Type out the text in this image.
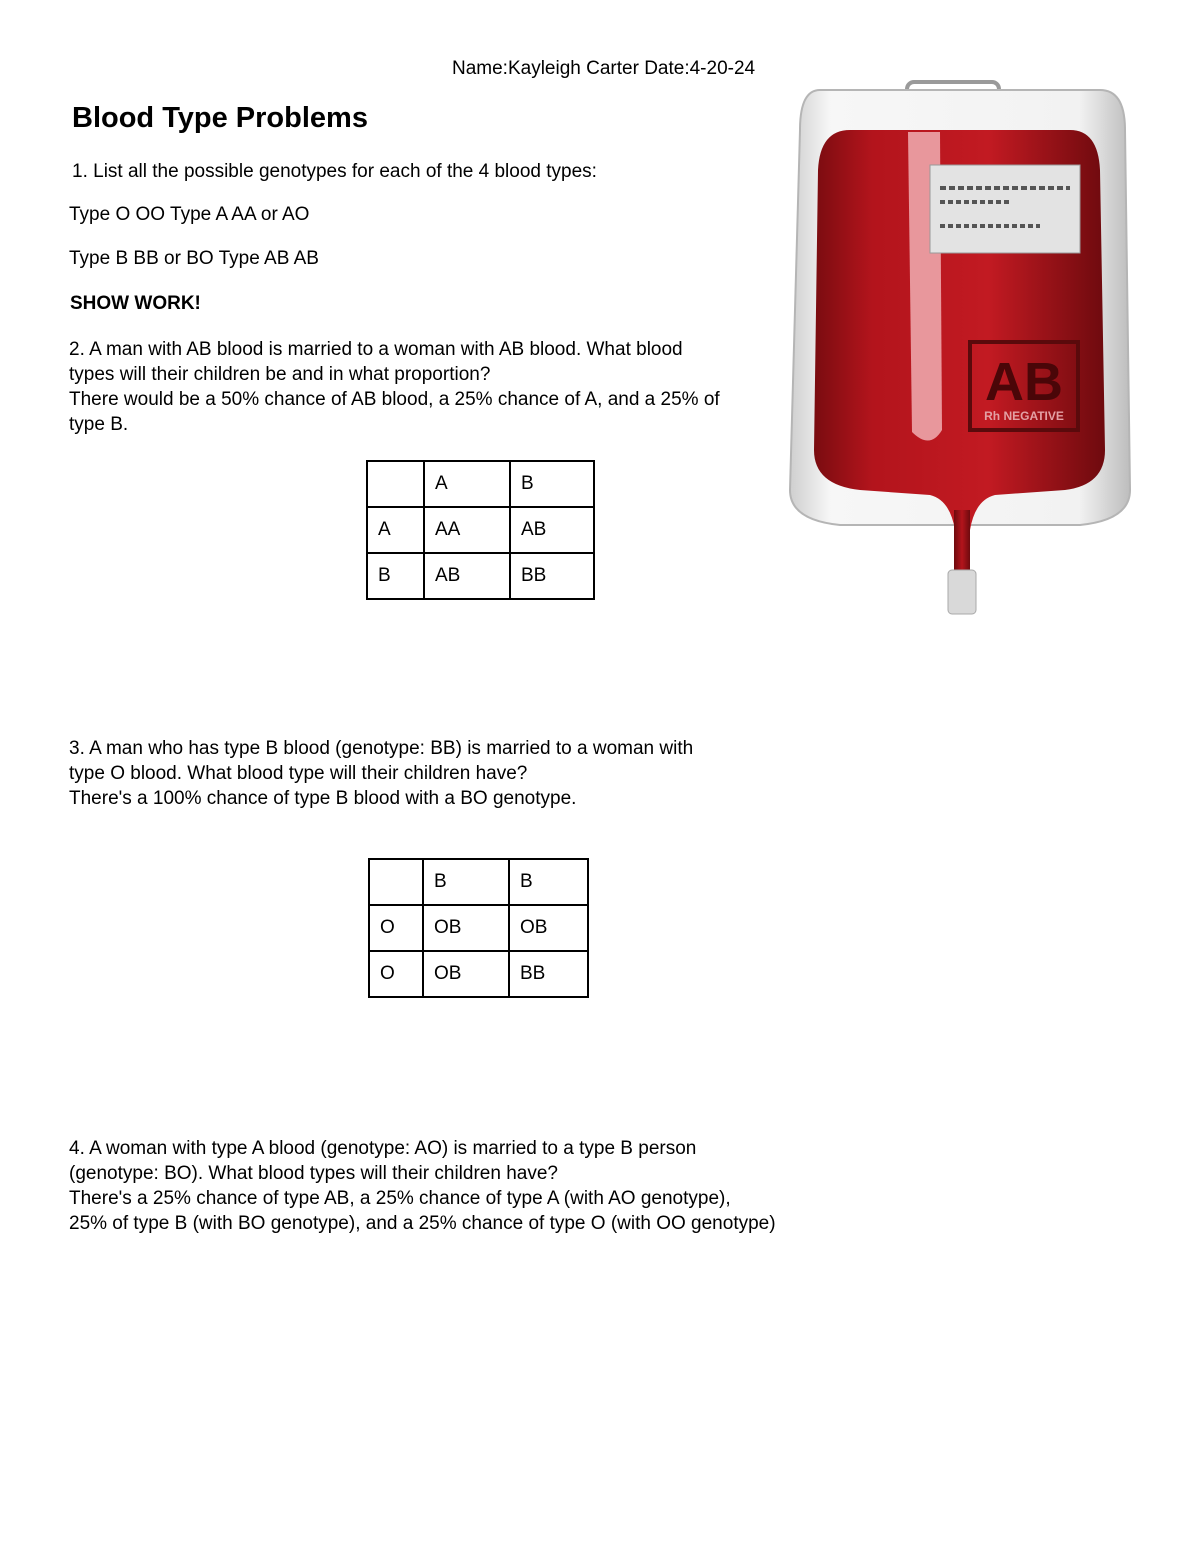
Name:Kayleigh Carter Date:4-20-24
Blood Type Problems
1. List all the possible genotypes for each of the 4 blood types:
Type O OO Type A AA or AO
Type B BB or BO Type AB AB
SHOW WORK!
2. A man with AB blood is married to a woman with AB blood. What blood
types will their children be and in what proportion?
There would be a 50% chance of AB blood, a 25% chance of A, and a 25% of
type B.
	A	B
A	AA	AB
B	AB	BB
3. A man who has type B blood (genotype: BB) is married to a woman with
type O blood. What blood type will their children have?
There's a 100% chance of type B blood with a BO genotype.
	B	B
O	OB	OB
O	OB	BB
4. A woman with type A blood (genotype: AO) is married to a type B person
(genotype: BO). What blood types will their children have?
There's a 25% chance of type AB, a 25% chance of type A (with AO genotype),
25% of type B (with BO genotype), and a 25% chance of type O (with OO genotype)
AB
Rh NEGATIVE
